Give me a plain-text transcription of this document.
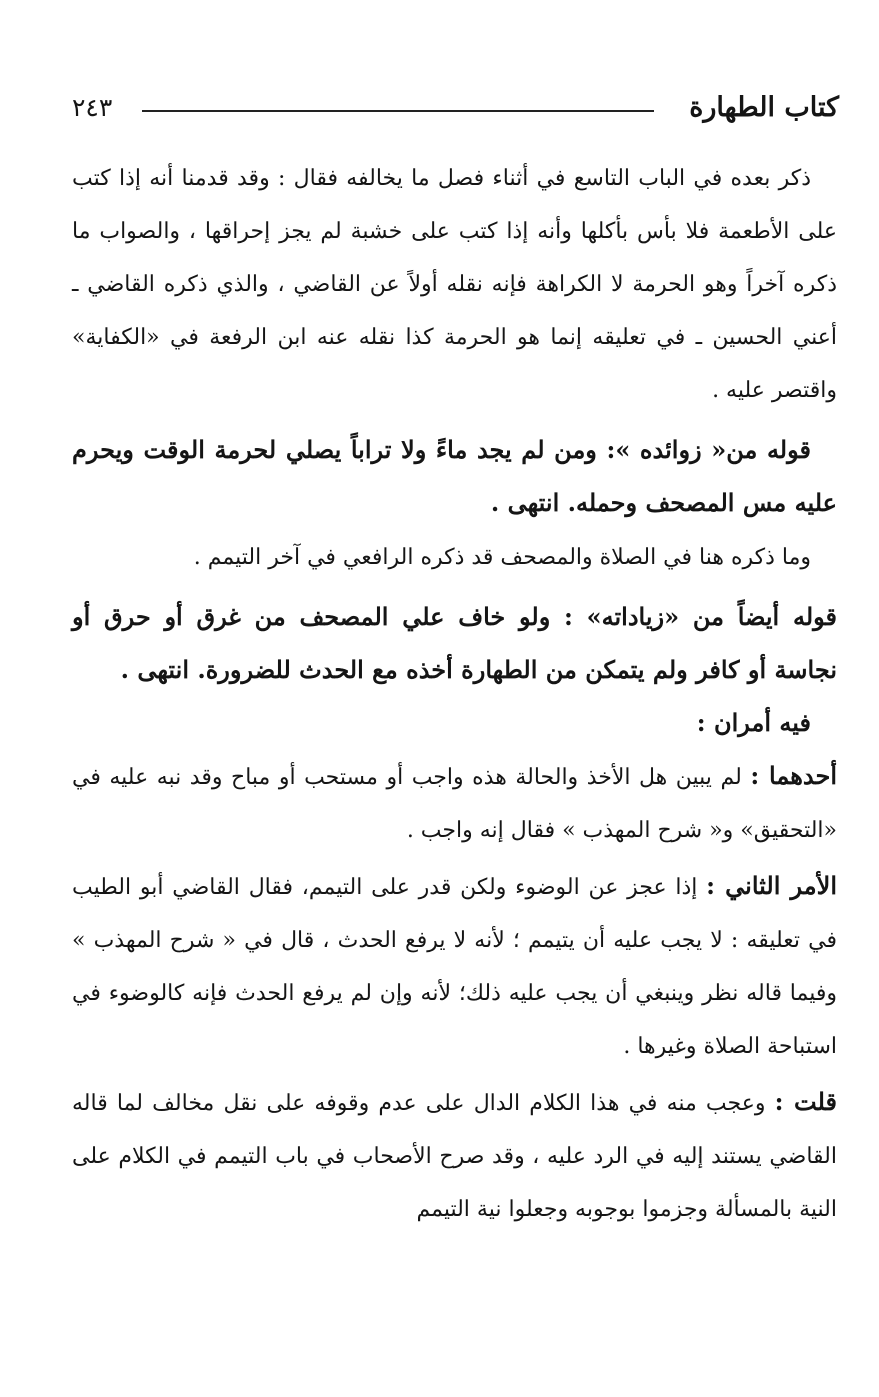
كتاب الطهارة
٢٤٣

ذكر بعده في الباب التاسع في أثناء فصل ما يخالفه فقال : وقد قدمنا أنه إذا كتب على الأطعمة فلا بأس بأكلها وأنه إذا كتب على خشبة لم يجز إحراقها ، والصواب ما ذكره آخراً وهو الحرمة لا الكراهة فإنه نقله أولاً عن القاضي ، والذي ذكره القاضي ـ أعني الحسين ـ في تعليقه إنما هو الحرمة كذا نقله عنه ابن الرفعة في «الكفاية» واقتصر عليه .

قوله من« زوائده »: ومن لم يجد ماءً ولا تراباً يصلي لحرمة الوقت ويحرم عليه مس المصحف وحمله. انتهى .

وما ذكره هنا في الصلاة والمصحف قد ذكره الرافعي في آخر التيمم .

قوله أيضاً من «زياداته» : ولو خاف علي المصحف من غرق أو حرق أو نجاسة أو كافر ولم يتمكن من الطهارة أخذه مع الحدث للضرورة. انتهى .

فيه أمران :

أحدهما : لم يبين هل الأخذ والحالة هذه واجب أو مستحب أو مباح وقد نبه عليه في «التحقيق» و« شرح المهذب » فقال إنه واجب .

الأمر الثاني : إذا عجز عن الوضوء ولكن قدر على التيمم، فقال القاضي أبو الطيب في تعليقه : لا يجب عليه أن يتيمم ؛ لأنه لا يرفع الحدث ، قال في « شرح المهذب » وفيما قاله نظر وينبغي أن يجب عليه ذلك؛ لأنه وإن لم يرفع الحدث فإنه كالوضوء في استباحة الصلاة وغيرها .

قلت : وعجب منه في هذا الكلام الدال على عدم وقوفه على نقل مخالف لما قاله القاضي يستند إليه في الرد عليه ، وقد صرح الأصحاب في باب التيمم في الكلام على النية بالمسألة وجزموا بوجوبه وجعلوا نية التيمم
